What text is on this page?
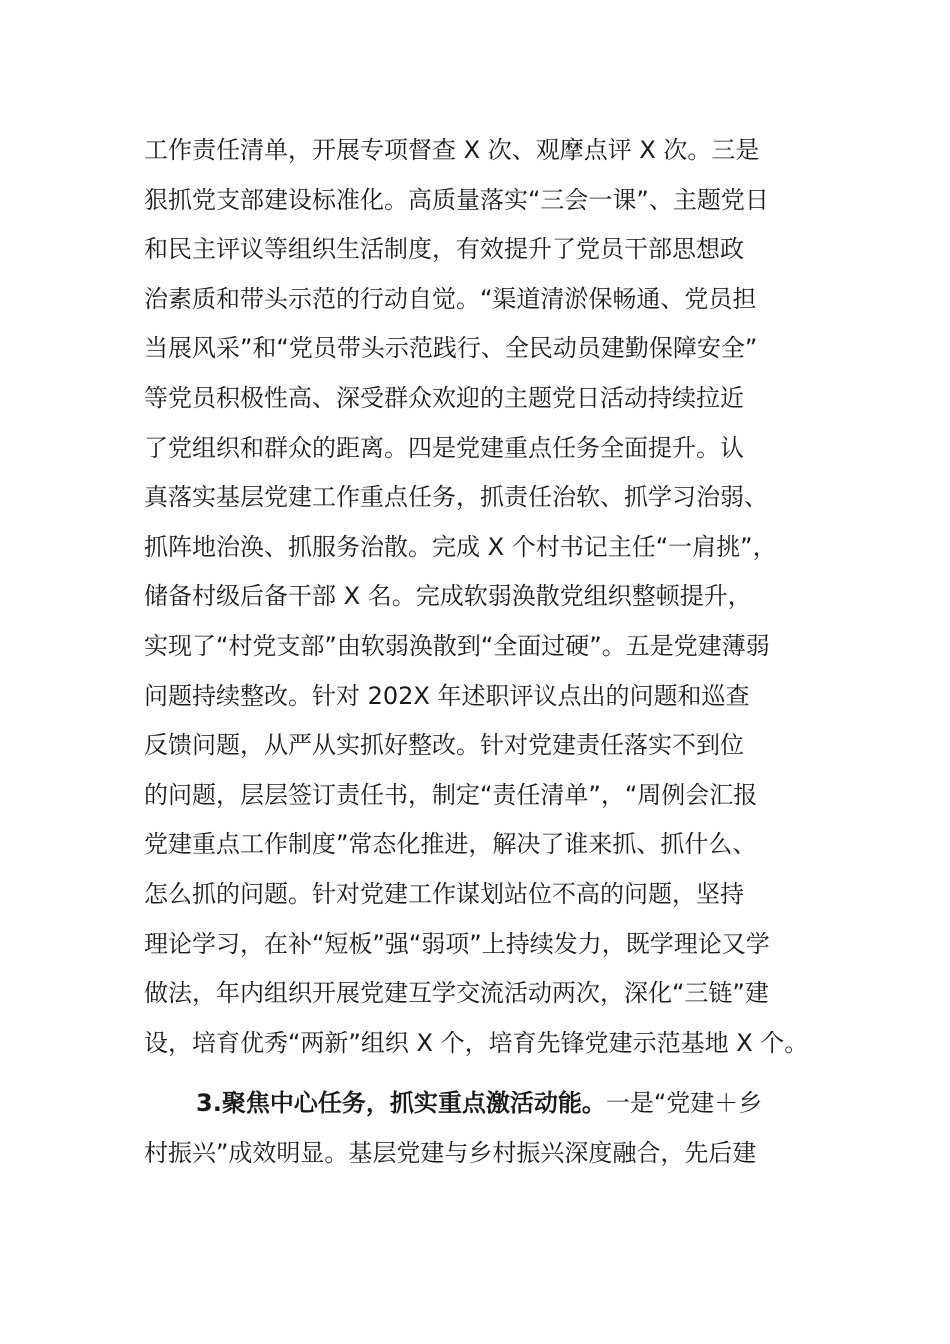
工作责任清单，开展专项督查 X 次、观摩点评 X 次。三是
狠抓党支部建设标准化。高质量落实“三会一课”、主题党日
和民主评议等组织生活制度，有效提升了党员干部思想政
治素质和带头示范的行动自觉。“渠道清淤保畅通、党员担
当展风采”和“党员带头示范践行、全民动员建勤保障安全”
等党员积极性高、深受群众欢迎的主题党日活动持续拉近
了党组织和群众的距离。四是党建重点任务全面提升。认
真落实基层党建工作重点任务，抓责任治软、抓学习治弱、
抓阵地治涣、抓服务治散。完成 X 个村书记主任“一肩挑”，
储备村级后备干部 X 名。完成软弱涣散党组织整顿提升，
实现了“村党支部”由软弱涣散到“全面过硬”。五是党建薄弱
问题持续整改。针对 202X 年述职评议点出的问题和巡查
反馈问题，从严从实抓好整改。针对党建责任落实不到位
的问题，层层签订责任书，制定“责任清单”，“周例会汇报
党建重点工作制度”常态化推进，解决了谁来抓、抓什么、
怎么抓的问题。针对党建工作谋划站位不高的问题，坚持
理论学习，在补“短板”强“弱项”上持续发力，既学理论又学
做法，年内组织开展党建互学交流活动两次，深化“三链”建
设，培育优秀“两新”组织 X 个，培育先锋党建示范基地 X 个。
3.聚焦中心任务，抓实重点激活动能。一是“党建＋乡
村振兴”成效明显。基层党建与乡村振兴深度融合，先后建
